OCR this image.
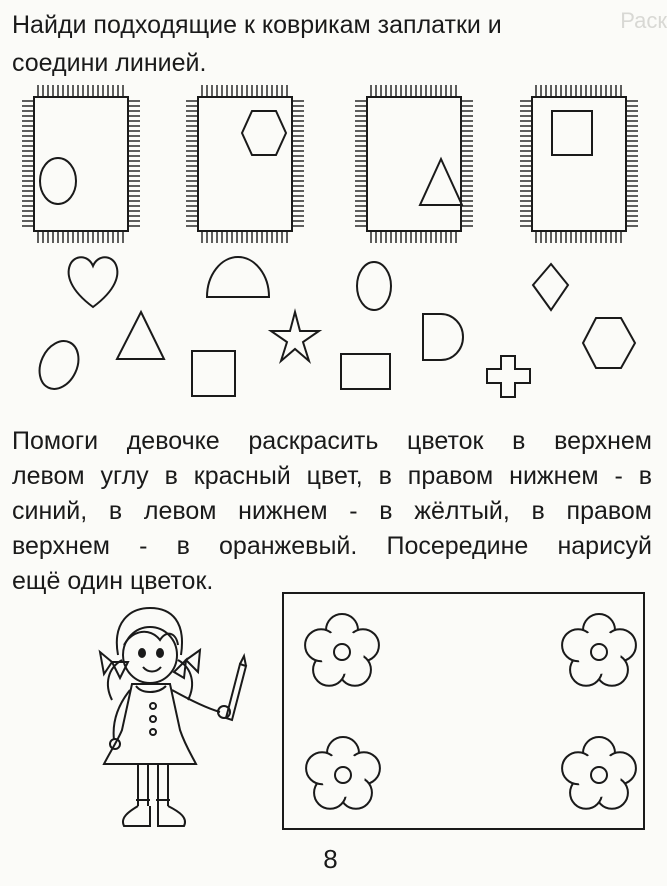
Раск
Найди подходящие к коврикам заплатки и
соедини линией.

Помоги девочке раскрасить цветок в верхнем
левом углу в красный цвет, в правом нижнем - в
синий, в левом нижнем - в жёлтый, в правом
верхнем - в оранжевый. Посередине нарисуй
ещё один цветок.

8
